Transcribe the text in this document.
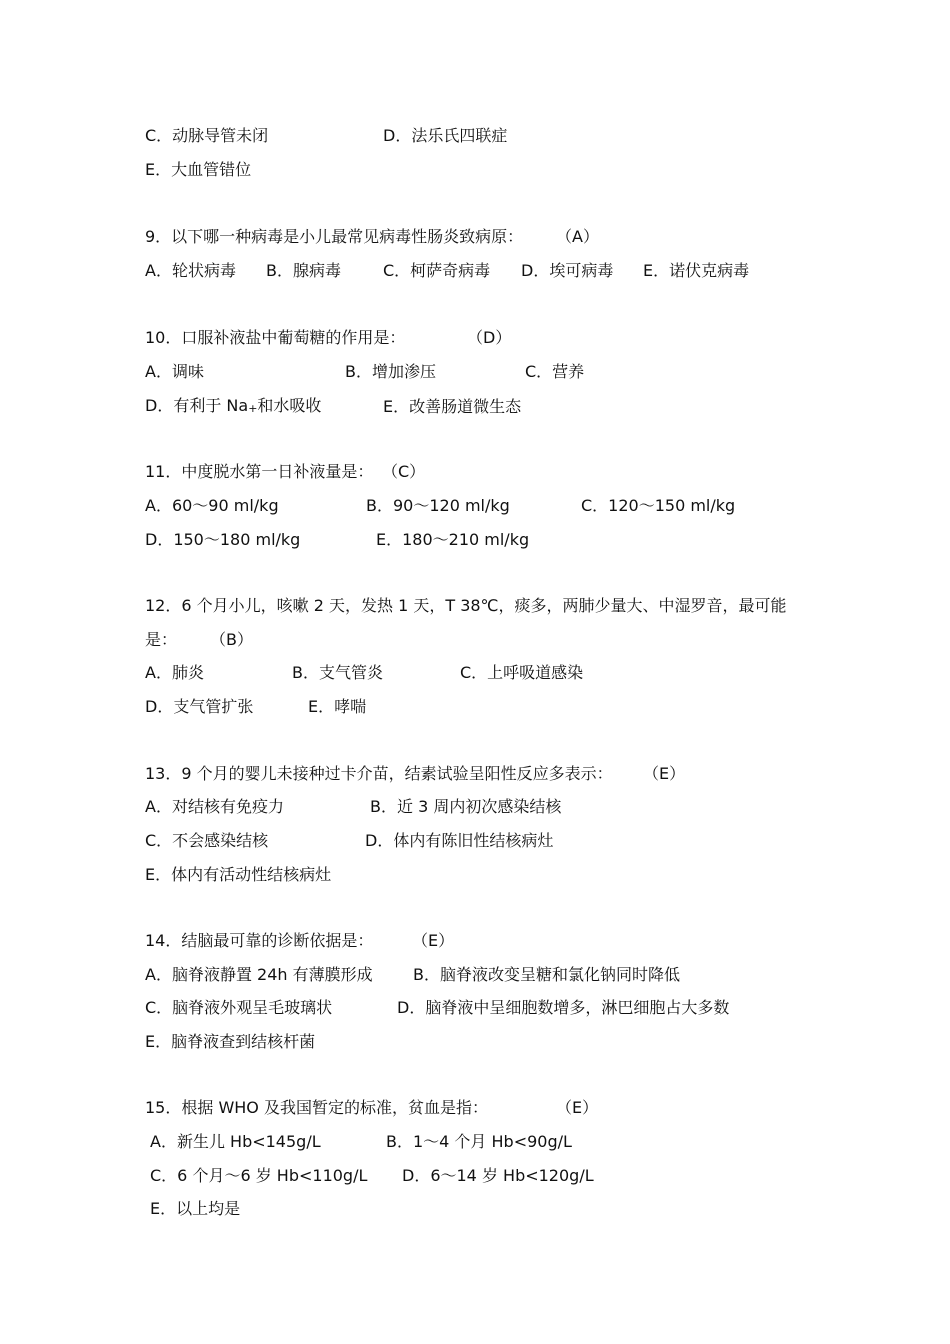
C．动脉导管未闭	D．法乐氏四联症
E．大血管错位
9．以下哪一种病毒是小儿最常见病毒性肠炎致病原： （A）
A．轮状病毒 B．腺病毒	C．柯萨奇病毒 D．埃可病毒 E．诺伏克病毒
10．口服补液盐中葡萄糖的作用是：	（D）
A．调味	B．增加渗压	C．营养
D．有利于 Na+和水吸收	E．改善肠道微生态
11．中度脱水第一日补液量是： （C）
A．60～90 ml/kg	B．90～120 ml/kg	C．120～150 ml/kg
D．150～180 ml/kg	E．180～210 ml/kg
12．6 个月小儿，咳嗽 2 天，发热 1 天，T 38℃，痰多，两肺少量大、中湿罗音，最可能
是： （B）
A．肺炎	B．支气管炎	C．上呼吸道感染
D．支气管扩张	E．哮喘
13．9 个月的婴儿未接种过卡介苗，结素试验呈阳性反应多表示： （E）
A．对结核有免疫力	B．近 3 周内初次感染结核
C．不会感染结核	D．体内有陈旧性结核病灶
E．体内有活动性结核病灶
14．结脑最可靠的诊断依据是： （E）
A．脑脊液静置 24h 有薄膜形成	B．脑脊液改变呈糖和氯化钠同时降低
C．脑脊液外观呈毛玻璃状	D．脑脊液中呈细胞数增多，淋巴细胞占大多数
E．脑脊液查到结核杆菌
15．根据 WHO 及我国暂定的标准，贫血是指：	（E）
A．新生儿 Hb<145g/L	B．1～4 个月 Hb<90g/L
C．6 个月～6 岁 Hb<110g/L D．6～14 岁 Hb<120g/L
E．以上均是
